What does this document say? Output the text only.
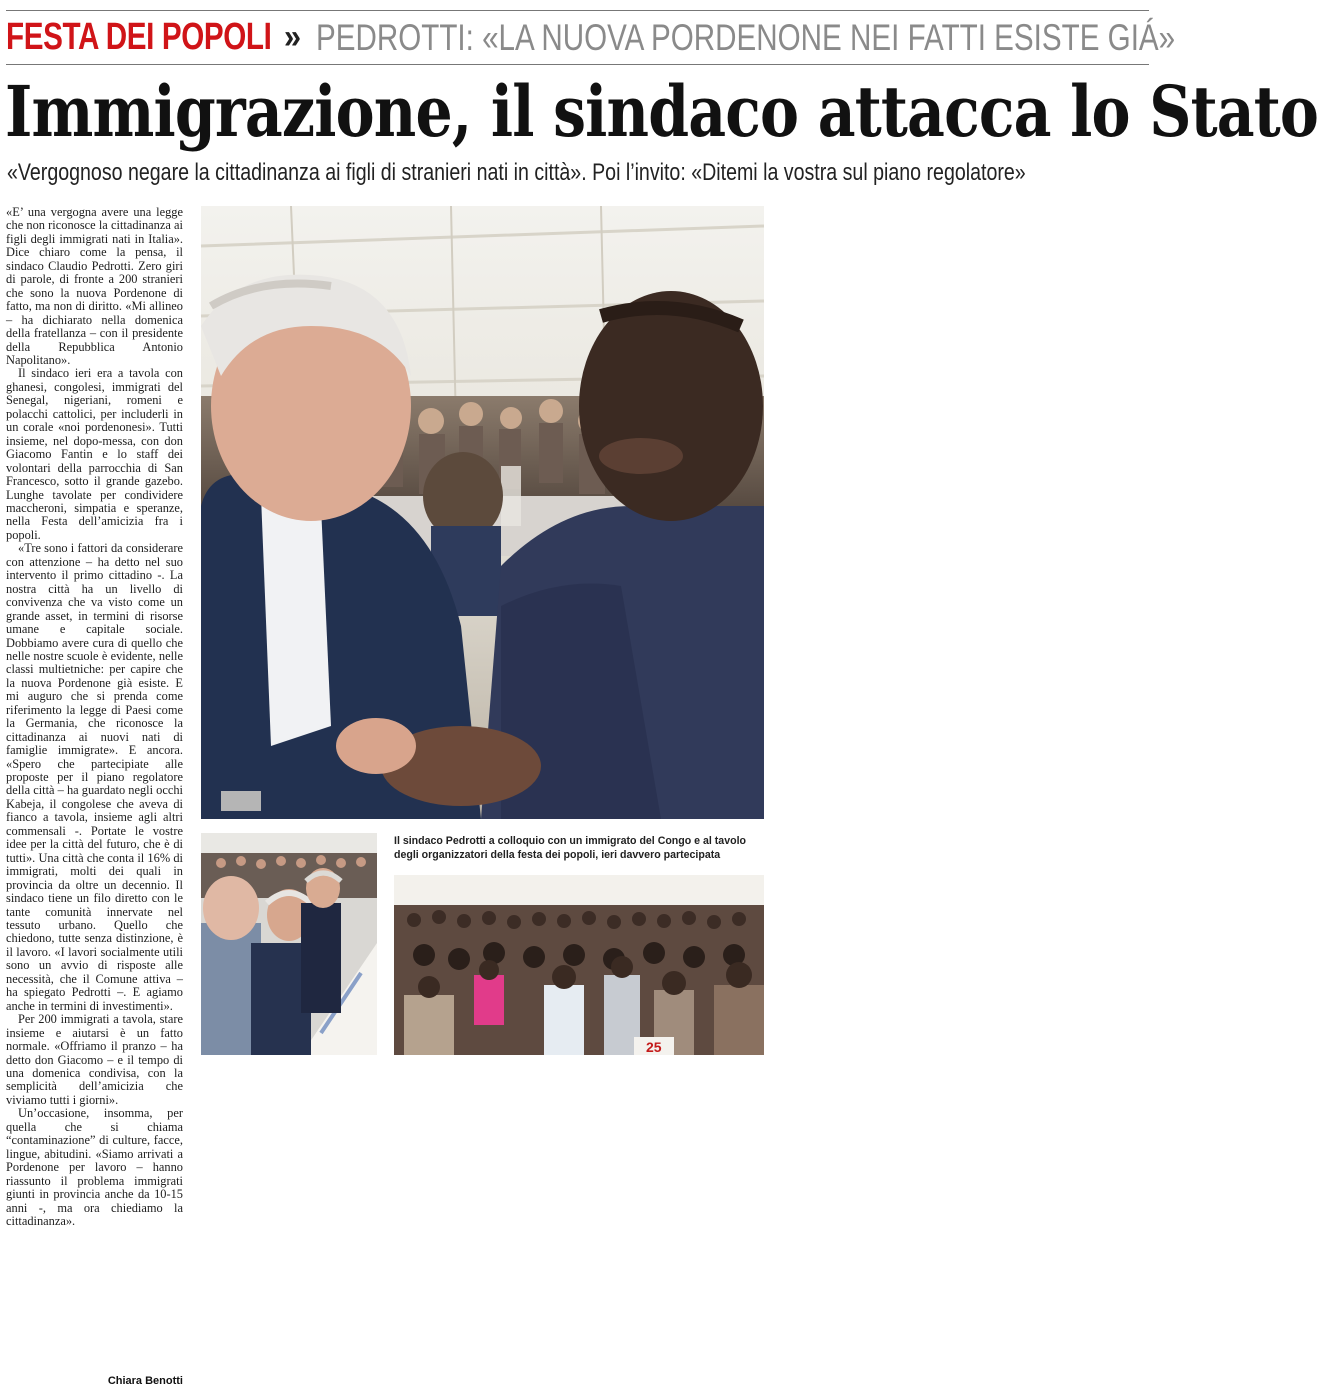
FESTA DEI POPOLI » PEDROTTI: «LA NUOVA PORDENONE NEI FATTI ESISTE GIÁ»
Immigrazione, il sindaco attacca lo Stato
«Vergognoso negare la cittadinanza ai figli di stranieri nati in città». Poi l’invito: «Ditemi la vostra sul piano regolatore»

«E’ una vergogna avere una legge che non riconosce la cittadinanza ai figli degli immigrati nati in Italia». Dice chiaro come la pensa, il sindaco Claudio Pedrotti. Zero giri di parole, di fronte a 200 stranieri che sono la nuova Pordenone di fatto, ma non di diritto. «Mi allineo – ha dichiarato nella domenica della fratellanza – con il presidente della Repubblica Antonio Napolitano».

Il sindaco ieri era a tavola con ghanesi, congolesi, immigrati del Senegal, nigeriani, romeni e polacchi cattolici, per includerli in un corale «noi pordenonesi». Tutti insieme, nel dopo-messa, con don Giacomo Fantin e lo staff dei volontari della parrocchia di San Francesco, sotto il grande gazebo. Lunghe tavolate per condividere maccheroni, simpatia e speranze, nella Festa dell’amicizia fra i popoli.

«Tre sono i fattori da considerare con attenzione – ha detto nel suo intervento il primo cittadino -. La nostra città ha un livello di convivenza che va visto come un grande asset, in termini di risorse umane e capitale sociale. Dobbiamo avere cura di quello che nelle nostre scuole è evidente, nelle classi multietniche: per capire che la nuova Pordenone già esiste. E mi auguro che si prenda come riferimento la legge di Paesi come la Germania, che riconosce la cittadinanza ai nuovi nati di famiglie immigrate». E ancora. «Spero che partecipiate alle proposte per il piano regolatore della città – ha guardato negli occhi Kabeja, il congolese che aveva di fianco a tavola, insieme agli altri commensali -. Portate le vostre idee per la città del futuro, che è di tutti». Una città che conta il 16% di immigrati, molti dei quali in provincia da oltre un decennio. Il sindaco tiene un filo diretto con le tante comunità innervate nel tessuto urbano. Quello che chiedono, tutte senza distinzione, è il lavoro. «I lavori socialmente utili sono un avvio di risposte alle necessità, che il Comune attiva – ha spiegato Pedrotti –. E agiamo anche in termini di investimenti».

Per 200 immigrati a tavola, stare insieme e aiutarsi è un fatto normale. «Offriamo il pranzo – ha detto don Giacomo – e il tempo di una domenica condivisa, con la semplicità dell’amicizia che viviamo tutti i giorni».

Un’occasione, insomma, per quella che si chiama “contaminazione” di culture, facce, lingue, abitudini. «Siamo arrivati a Pordenone per lavoro – hanno riassunto il problema immigrati giunti in provincia anche da 10-15 anni -, ma ora chiediamo la cittadinanza».

Chiara Benotti
Il sindaco Pedrotti a colloquio con un immigrato del Congo e al tavolo degli organizzatori della festa dei popoli, ieri davvero partecipata
25
